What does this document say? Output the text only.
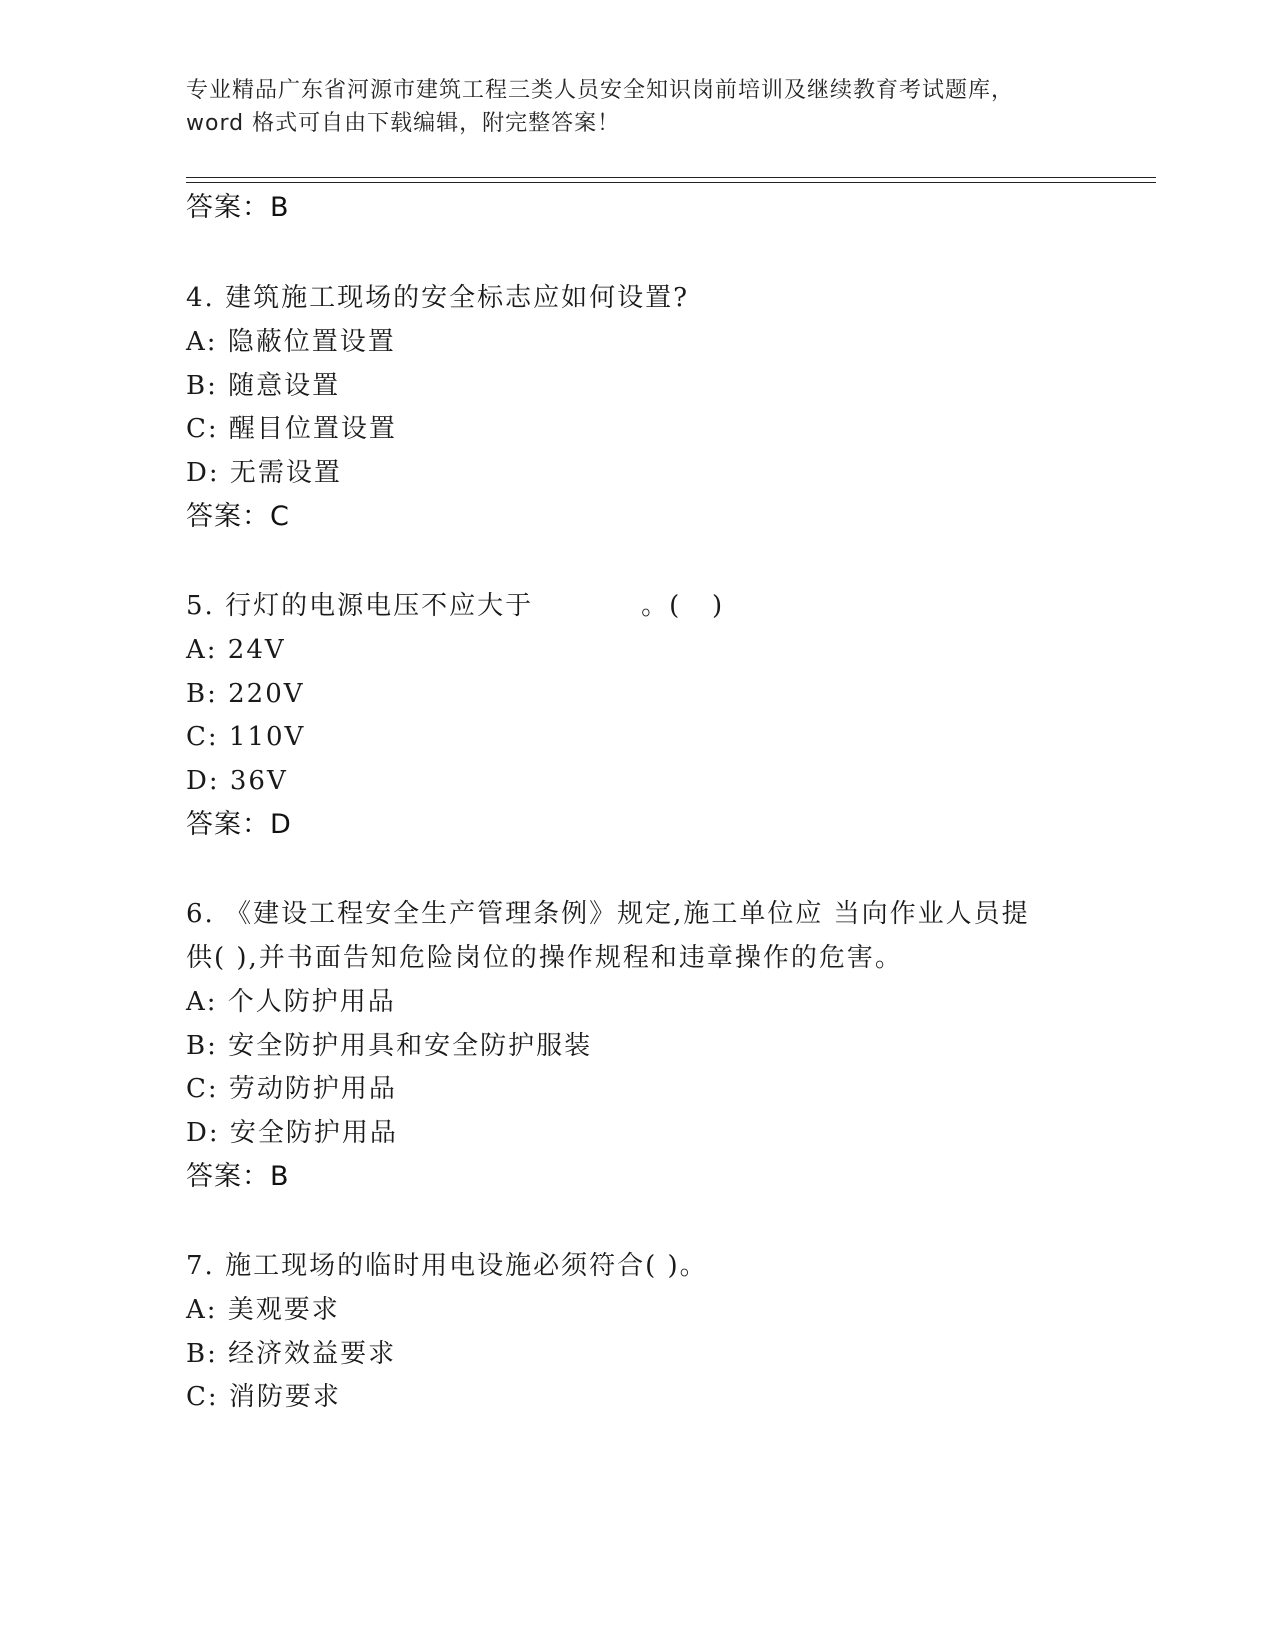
专业精品广东省河源市建筑工程三类人员安全知识岗前培训及继续教育考试题库，
word 格式可自由下载编辑，附完整答案！
答案：B
4. 建筑施工现场的安全标志应如何设置?
A: 隐蔽位置设置
B: 随意设置
C: 醒目位置设置
D: 无需设置
答案：C
5. 行灯的电源电压不应大于	。(   )
A: 24V
B: 220V
C: 110V
D: 36V
答案：D
6. 《建设工程安全生产管理条例》规定,施工单位应 当向作业人员提
供( ),并书面告知危险岗位的操作规程和违章操作的危害。
A: 个人防护用品
B: 安全防护用具和安全防护服装
C: 劳动防护用品
D: 安全防护用品
答案：B
7. 施工现场的临时用电设施必须符合( )。
A: 美观要求
B: 经济效益要求
C: 消防要求
